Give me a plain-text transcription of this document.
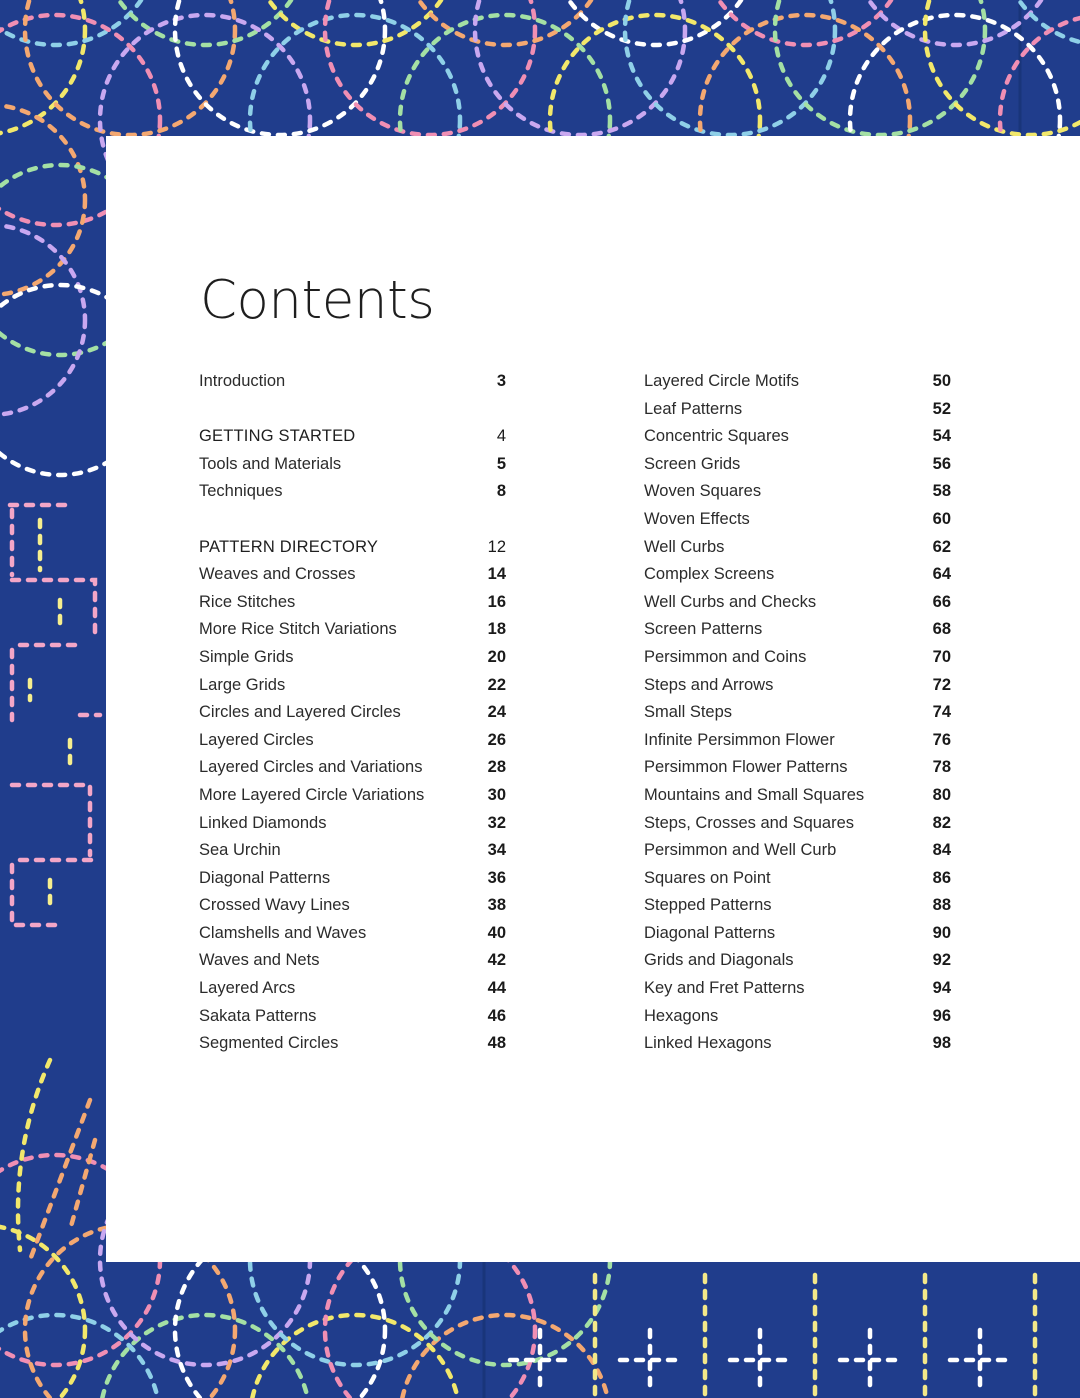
Contents
Introduction	3
GETTING STARTED	4
Tools and Materials	5
Techniques	8
PATTERN DIRECTORY	12
Weaves and Crosses	14
Rice Stitches	16
More Rice Stitch Variations	18
Simple Grids	20
Large Grids	22
Circles and Layered Circles	24
Layered Circles	26
Layered Circles and Variations	28
More Layered Circle Variations	30
Linked Diamonds	32
Sea Urchin	34
Diagonal Patterns	36
Crossed Wavy Lines	38
Clamshells and Waves	40
Waves and Nets	42
Layered Arcs	44
Sakata Patterns	46
Segmented Circles	48
Layered Circle Motifs	50
Leaf Patterns	52
Concentric Squares	54
Screen Grids	56
Woven Squares	58
Woven Effects	60
Well Curbs	62
Complex Screens	64
Well Curbs and Checks	66
Screen Patterns	68
Persimmon and Coins	70
Steps and Arrows	72
Small Steps	74
Infinite Persimmon Flower	76
Persimmon Flower Patterns	78
Mountains and Small Squares	80
Steps, Crosses and Squares	82
Persimmon and Well Curb	84
Squares on Point	86
Stepped Patterns	88
Diagonal Patterns	90
Grids and Diagonals	92
Key and Fret Patterns	94
Hexagons	96
Linked Hexagons	98
